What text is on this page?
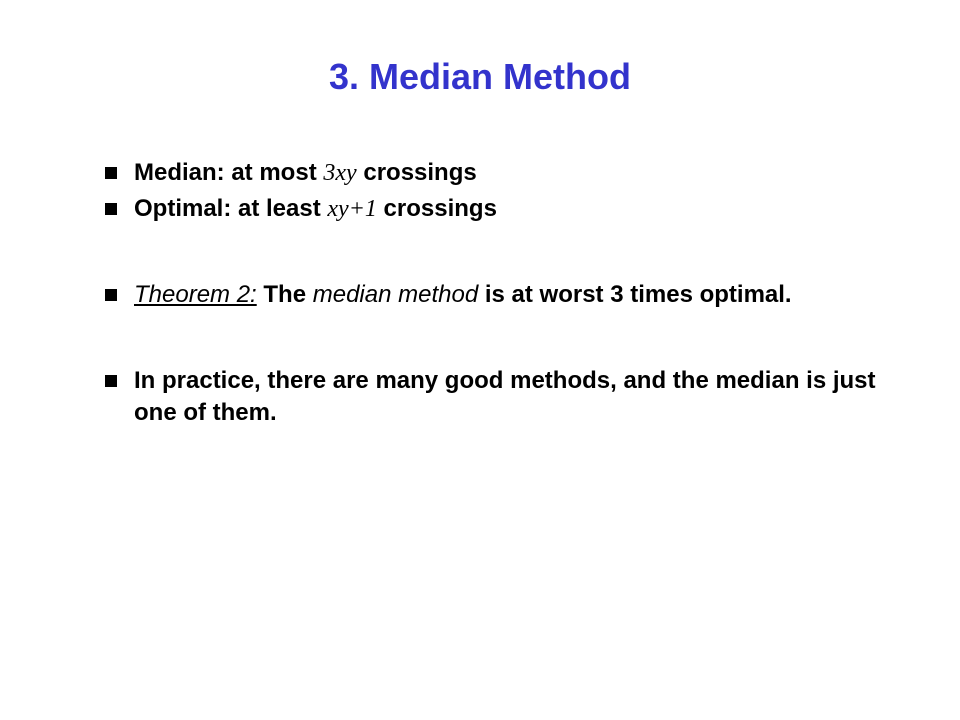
3. Median Method
Median: at most 3xy crossings
Optimal: at least xy+1 crossings
Theorem 2: The median method is at worst 3 times optimal.
In practice, there are many good methods, and the median is just one of them.
